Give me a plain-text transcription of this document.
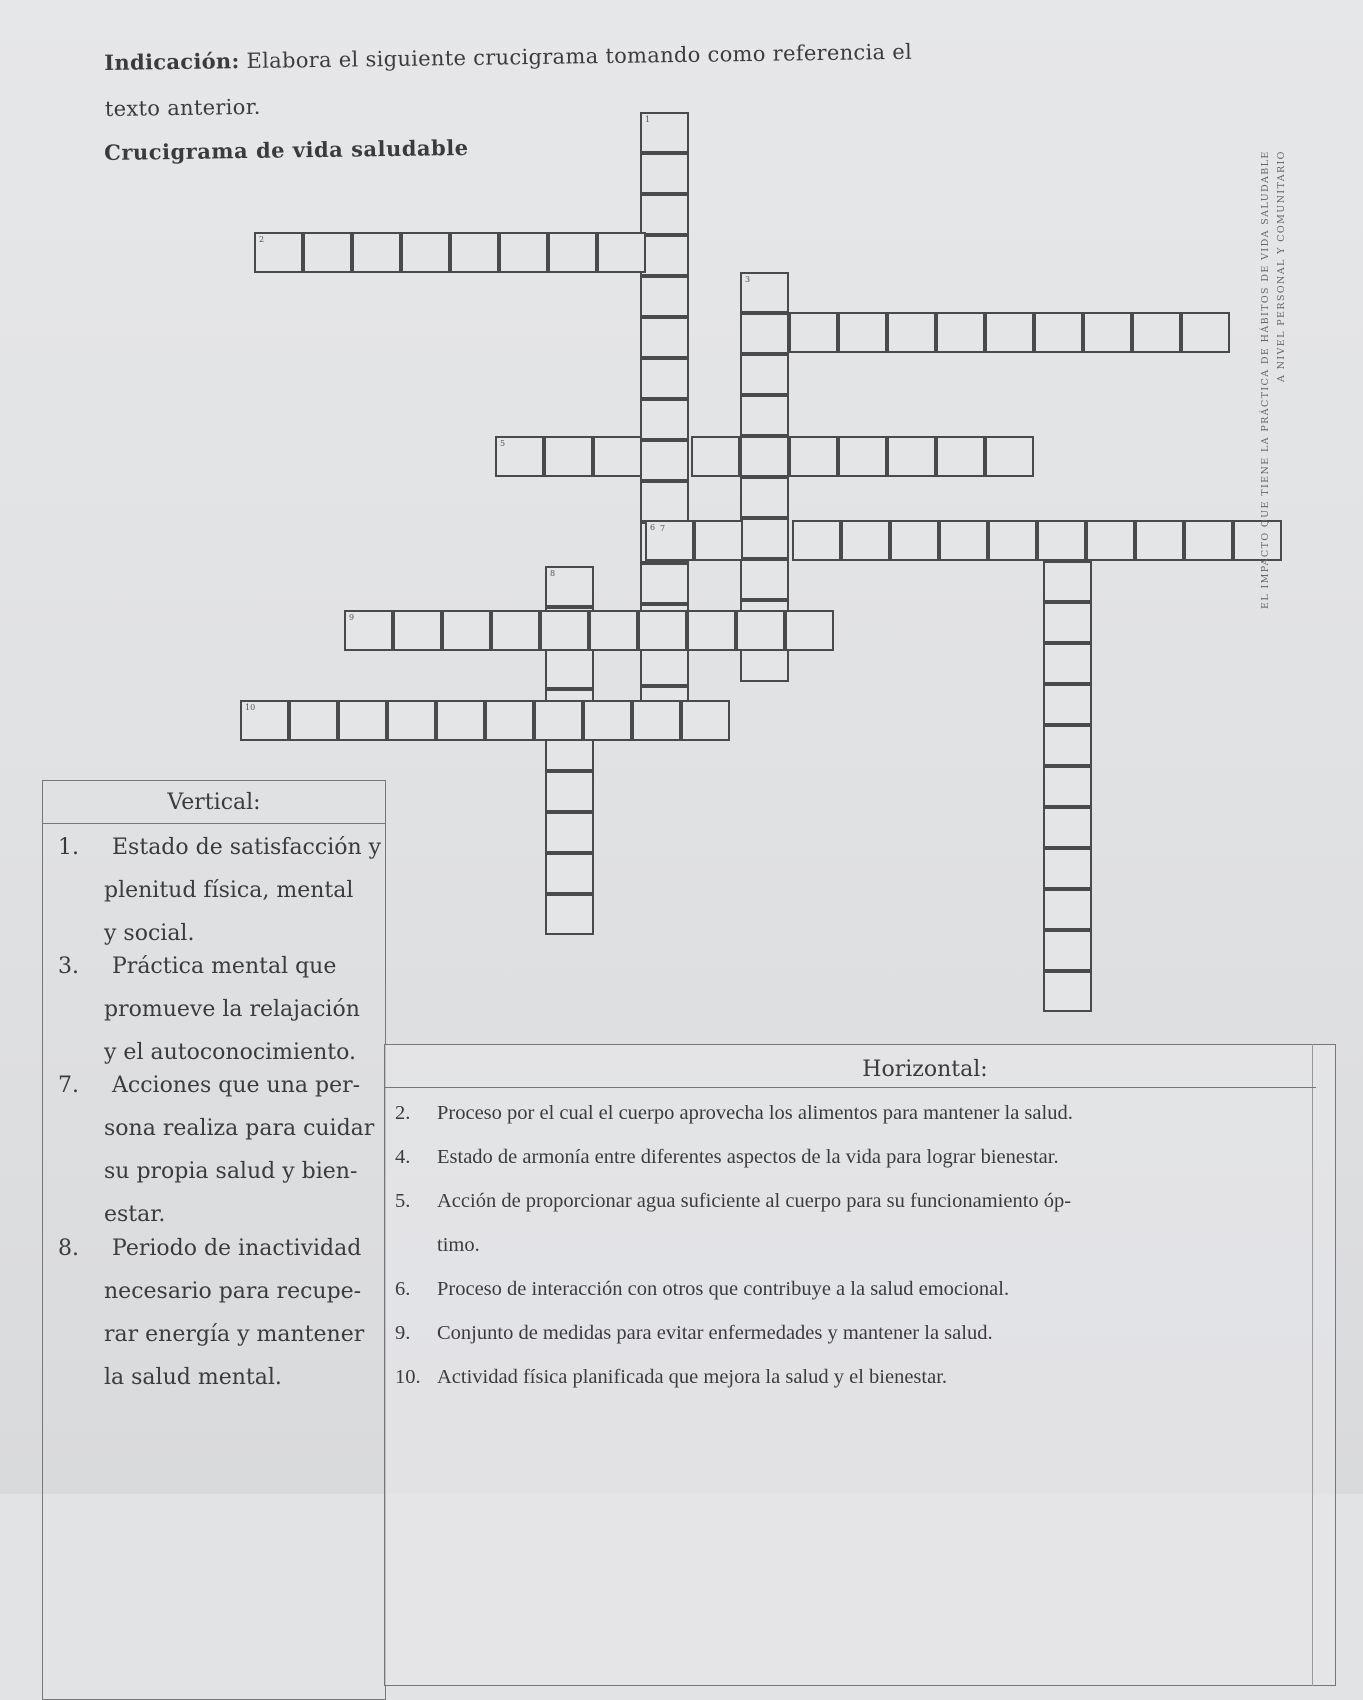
Indicación: Elabora el siguiente crucigrama tomando como referencia el
texto anterior.
Crucigrama de vida saludable
1
2
3
5
6
8
9
10
7	EL IMPACTO QUE TIENE LA PRÁCTICA DE HÁBITOS DE VIDA SALUDABLE A NIVEL PERSONAL Y COMUNITARIO
Vertical:
1. Estado de satisfacción y
plenitud física, mental
y social.
3. Práctica mental que
promueve la relajación
y el autoconocimiento.
7. Acciones que una per-
sona realiza para cuidar
su propia salud y bien-
estar.
8. Periodo de inactividad
necesario para recupe-
rar energía y mantener
la salud mental.
Horizontal:
2. Proceso por el cual el cuerpo aprovecha los alimentos para mantener la salud.
4. Estado de armonía entre diferentes aspectos de la vida para lograr bienestar.
5. Acción de proporcionar agua suficiente al cuerpo para su funcionamiento óp-
timo.
6. Proceso de interacción con otros que contribuye a la salud emocional.
9. Conjunto de medidas para evitar enfermedades y mantener la salud.
10. Actividad física planificada que mejora la salud y el bienestar.
